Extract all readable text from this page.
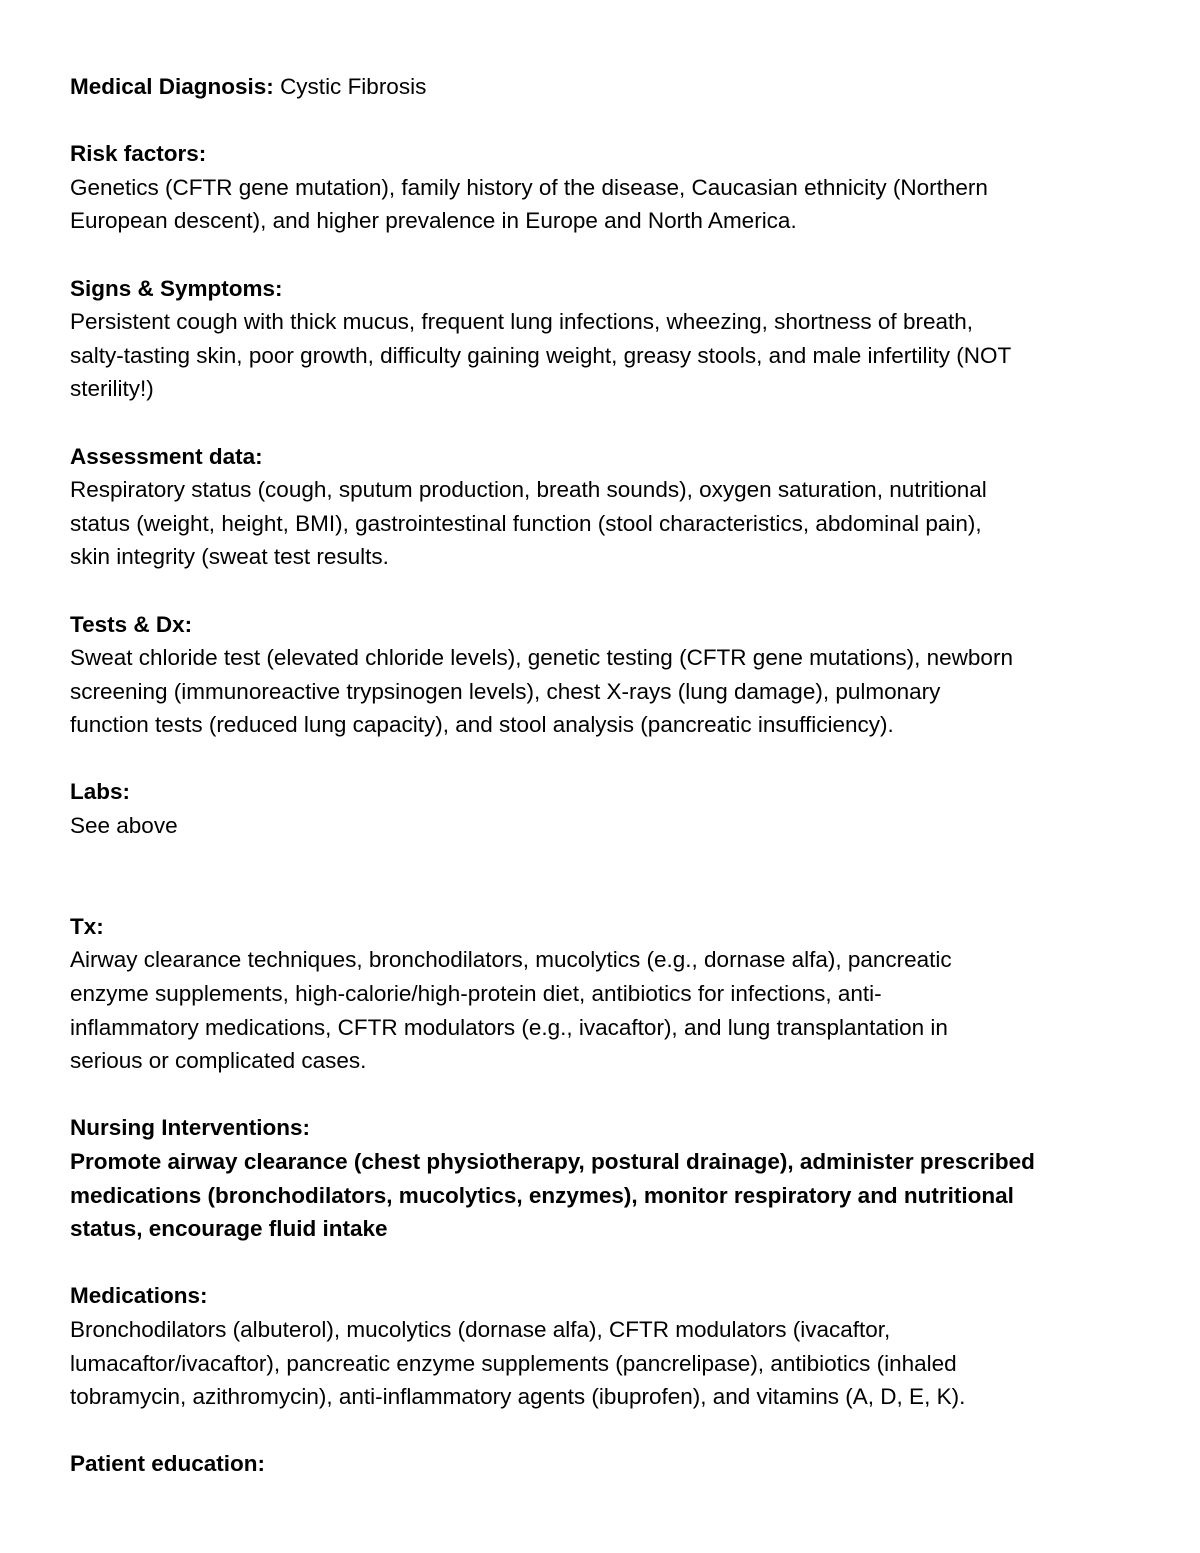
Medical Diagnosis: Cystic Fibrosis
Risk factors:
Genetics (CFTR gene mutation), family history of the disease, Caucasian ethnicity (Northern
European descent), and higher prevalence in Europe and North America.
Signs & Symptoms:
Persistent cough with thick mucus, frequent lung infections, wheezing, shortness of breath,
salty-tasting skin, poor growth, difficulty gaining weight, greasy stools, and male infertility (NOT
sterility!)
Assessment data:
Respiratory status (cough, sputum production, breath sounds), oxygen saturation, nutritional
status (weight, height, BMI), gastrointestinal function (stool characteristics, abdominal pain),
skin integrity (sweat test results.
Tests & Dx:
Sweat chloride test (elevated chloride levels), genetic testing (CFTR gene mutations), newborn
screening (immunoreactive trypsinogen levels), chest X-rays (lung damage), pulmonary
function tests (reduced lung capacity), and stool analysis (pancreatic insufficiency).
Labs:
See above
Tx:
Airway clearance techniques, bronchodilators, mucolytics (e.g., dornase alfa), pancreatic
enzyme supplements, high-calorie/high-protein diet, antibiotics for infections, anti-
inflammatory medications, CFTR modulators (e.g., ivacaftor), and lung transplantation in
serious or complicated cases.
Nursing Interventions:
Promote airway clearance (chest physiotherapy, postural drainage), administer prescribed
medications (bronchodilators, mucolytics, enzymes), monitor respiratory and nutritional
status, encourage fluid intake
Medications:
Bronchodilators (albuterol), mucolytics (dornase alfa), CFTR modulators (ivacaftor,
lumacaftor/ivacaftor), pancreatic enzyme supplements (pancrelipase), antibiotics (inhaled
tobramycin, azithromycin), anti-inflammatory agents (ibuprofen), and vitamins (A, D, E, K).
Patient education:
